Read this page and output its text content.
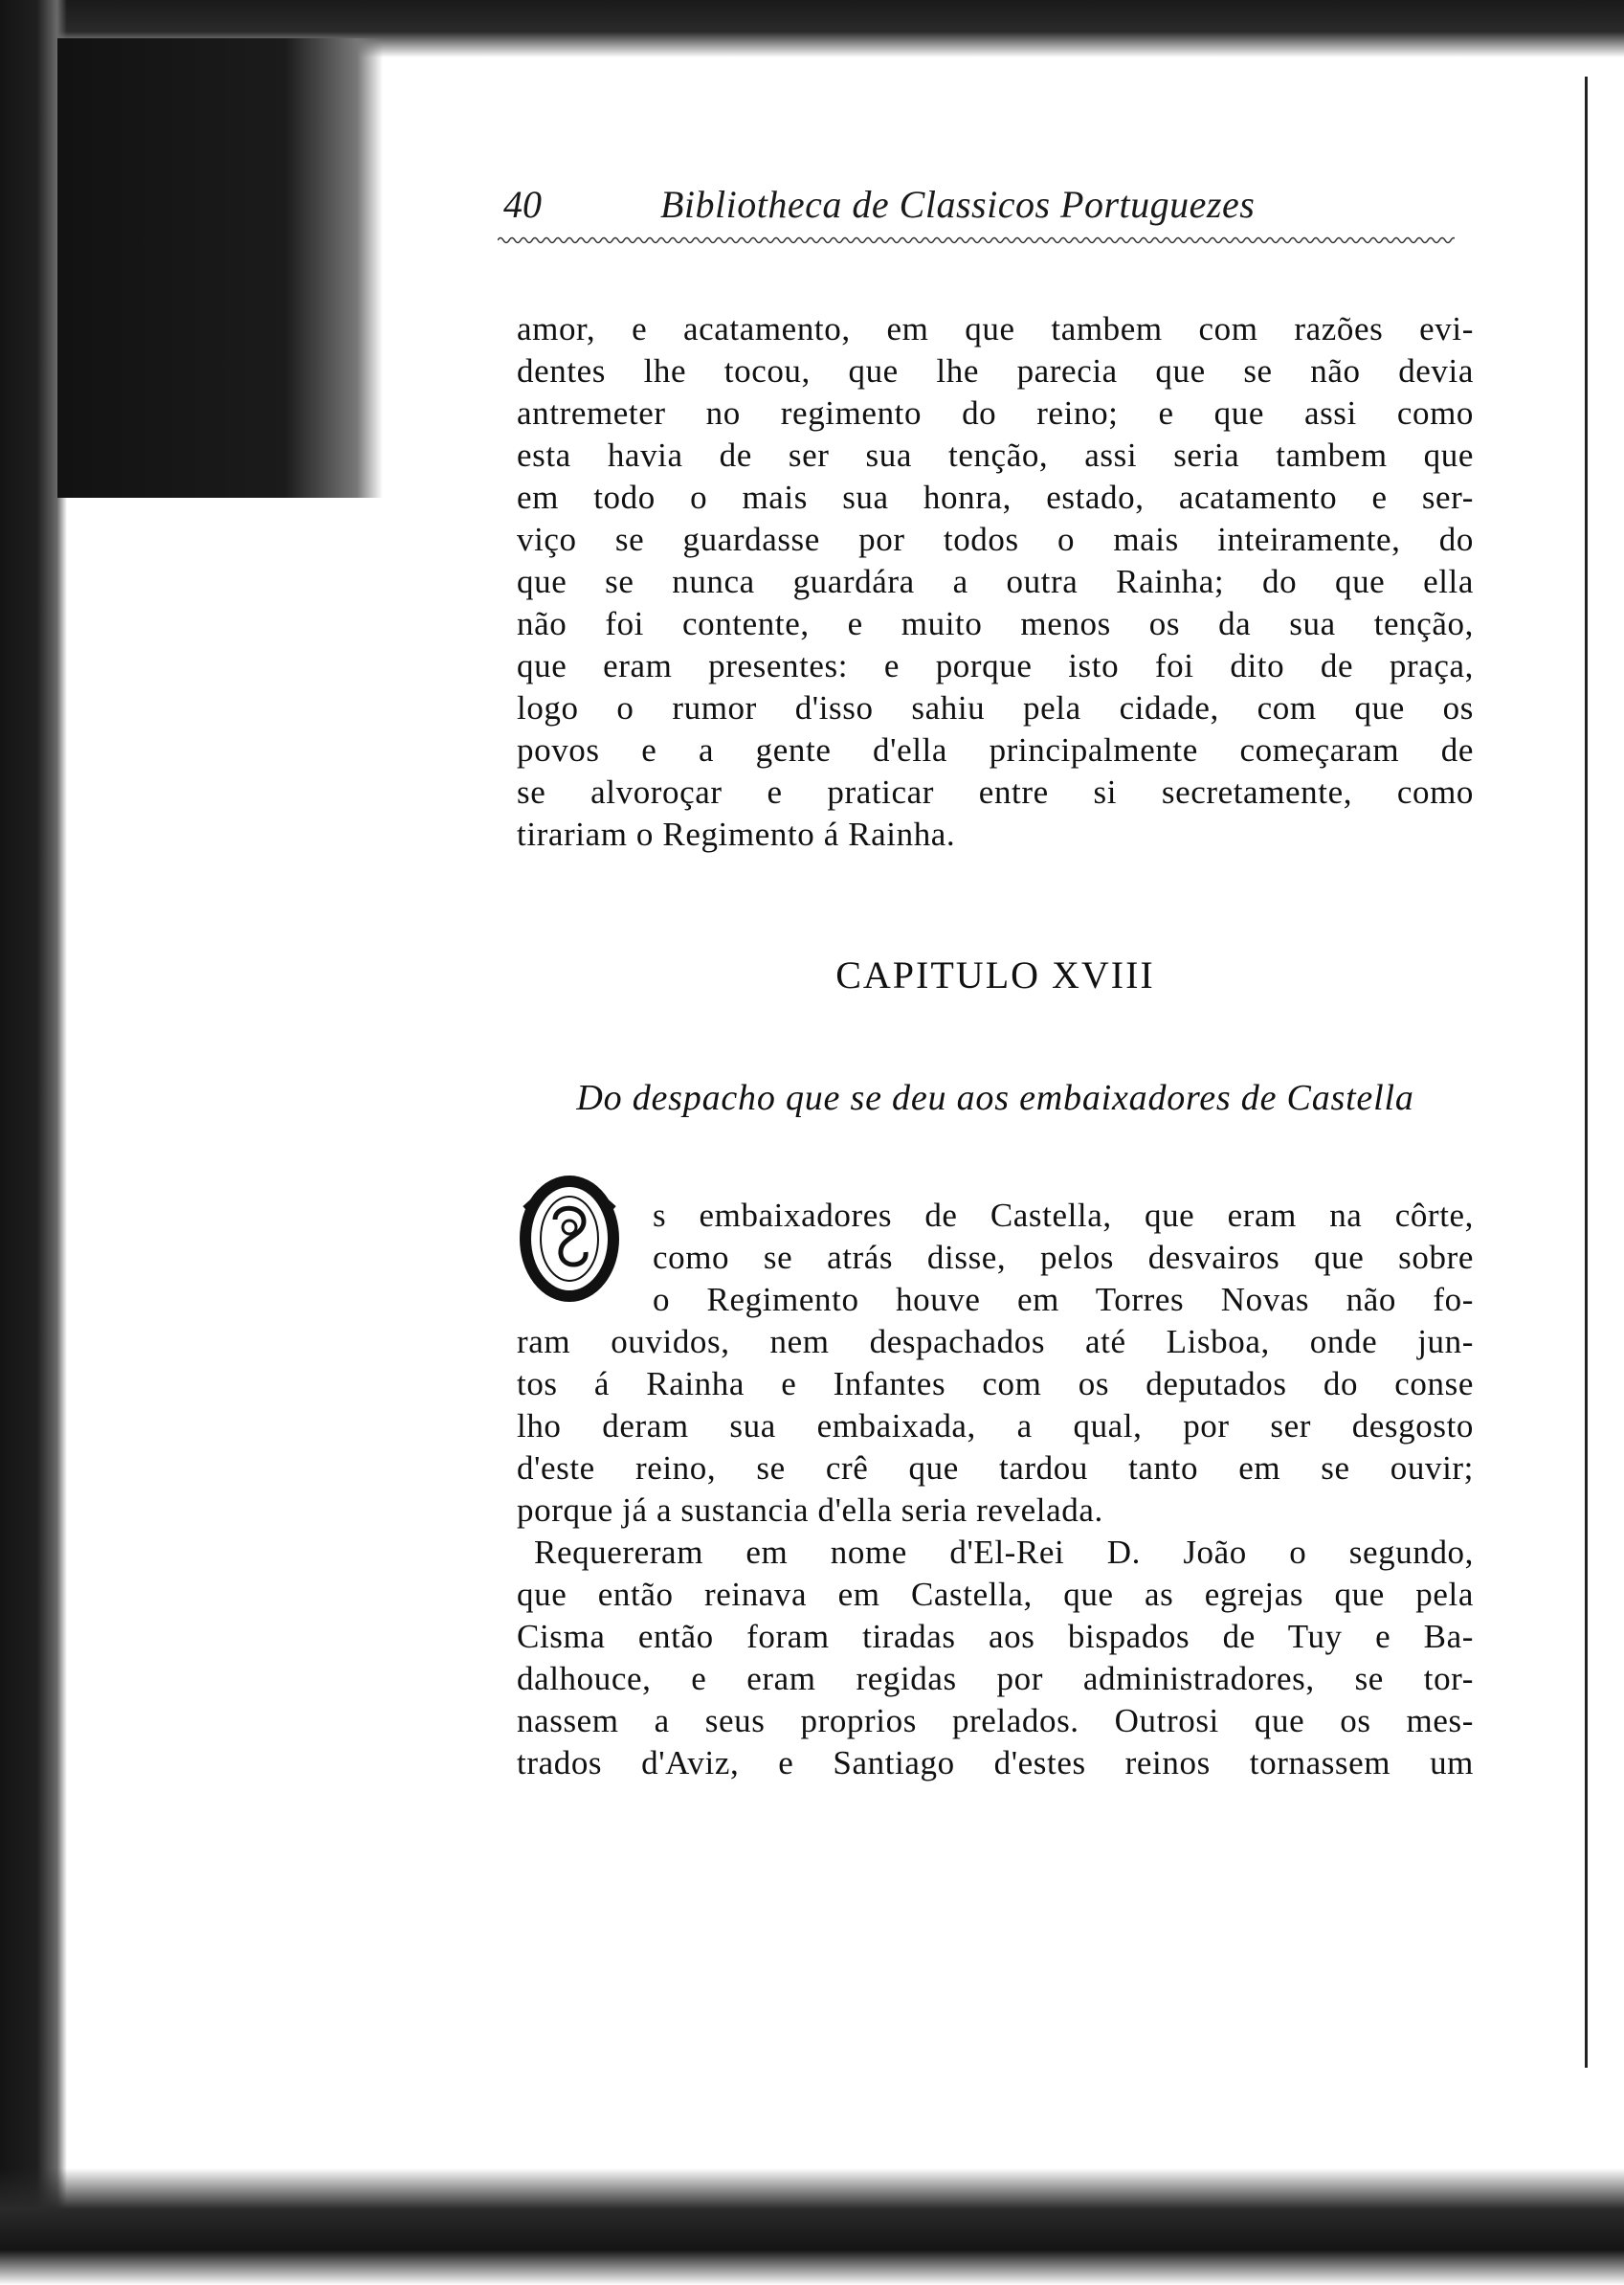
40	Bibliotheca de Classicos Portuguezes
amor, e acatamento, em que tambem com razões evi-
dentes lhe tocou, que lhe parecia que se não devia
antremeter no regimento do reino; e que assi como
esta havia de ser sua tenção, assi seria tambem que
em todo o mais sua honra, estado, acatamento e ser-
viço se guardasse por todos o mais inteiramente, do
que se nunca guardára a outra Rainha; do que ella
não foi contente, e muito menos os da sua tenção,
que eram presentes: e porque isto foi dito de praça,
logo o rumor d'isso sahiu pela cidade, com que os
povos e a gente d'ella principalmente começaram de
se alvoroçar e praticar entre si secretamente, como
tirariam o Regimento á Rainha.
CAPITULO XVIII
Do despacho que se deu aos embaixadores de Castella
s embaixadores de Castella, que eram na côrte,
como se atrás disse, pelos desvairos que sobre
o Regimento houve em Torres Novas não fo-
ram ouvidos, nem despachados até Lisboa, onde jun-
tos á Rainha e Infantes com os deputados do conse
lho deram sua embaixada, a qual, por ser desgosto
d'este reino, se crê que tardou tanto em se ouvir;
porque já a sustancia d'ella seria revelada.
Requereram em nome d'El-Rei D. João o segundo,
que então reinava em Castella, que as egrejas que pela
Cisma então foram tiradas aos bispados de Tuy e Ba-
dalhouce, e eram regidas por administradores, se tor-
nassem a seus proprios prelados. Outrosi que os mes-
trados d'Aviz, e Santiago d'estes reinos tornassem um
